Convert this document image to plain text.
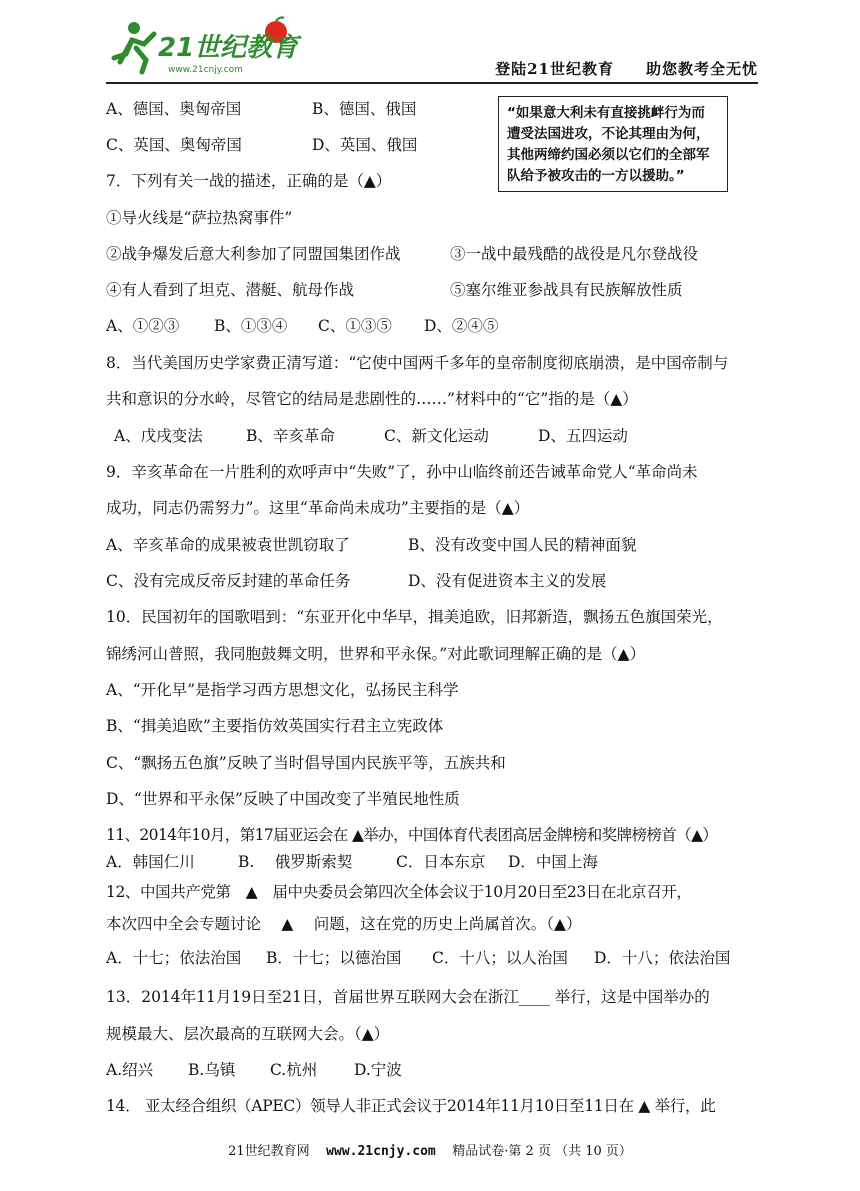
21世纪教育
www.21cnjy.com	登陆21世纪教育　　助您教考全无忧
“如果意大利未有直接挑衅行为而
遭受法国进攻，不论其理由为何，
其他两缔约国必须以它们的全部军
队给予被攻击的一方以援助。”
A、德国、奥匈帝国	B、德国、俄国
C、英国、奥匈帝国	D、英国、俄国
7．下列有关一战的描述，正确的是（▲）
①导火线是“萨拉热窝事件”
②战争爆发后意大利参加了同盟国集团作战	③一战中最残酷的战役是凡尔登战役
④有人看到了坦克、潜艇、航母作战	⑤塞尔维亚参战具有民族解放性质
A、①②③ B、①③④ C、①③⑤ D、②④⑤
8．当代美国历史学家费正清写道：“它使中国两千多年的皇帝制度彻底崩溃，是中国帝制与
共和意识的分水岭，尽管它的结局是悲剧性的……”材料中的“它”指的是（▲）
A、戊戌变法	B、辛亥革命	C、新文化运动	D、五四运动
9．辛亥革命在一片胜利的欢呼声中“失败”了，孙中山临终前还告诫革命党人“革命尚未
成功，同志仍需努力”。这里“革命尚未成功”主要指的是（▲）
A、辛亥革命的成果被袁世凯窃取了	B、没有改变中国人民的精神面貌
C、没有完成反帝反封建的革命任务	D、没有促进资本主义的发展
10．民国初年的国歌唱到：“东亚开化中华早，揖美追欧，旧邦新造，飘扬五色旗国荣光，
锦绣河山普照，我同胞鼓舞文明，世界和平永保。”对此歌词理解正确的是（▲）
A、“开化早”是指学习西方思想文化，弘扬民主科学
B、“揖美追欧”主要指仿效英国实行君主立宪政体
C、“飘扬五色旗”反映了当时倡导国内民族平等，五族共和
D、“世界和平永保”反映了中国改变了半殖民地性质
11、2014年10月，第17届亚运会在 ▲举办，中国体育代表团高居金牌榜和奖牌榜榜首（▲）
A．韩国仁川	B.　 俄罗斯索契	C．日本东京 D．中国上海
12、中国共产党第　▲　届中央委员会第四次全体会议于10月20日至23日在北京召开，
本次四中全会专题讨论　 ▲　 问题，这在党的历史上尚属首次。（▲）
A．十七；依法治国 B．十七；以德治国 C．十八；以人治国 D．十八；依法治国
13．2014年11月19日至21日，首届世界互联网大会在浙江____ 举行，这是中国举办的
规模最大、层次最高的互联网大会。（▲）
A.绍兴 B.乌镇 C.杭州 D.宁波
14． 亚太经合组织（APEC）领导人非正式会议于2014年11月10日至11日在 ▲ 举行，此
21世纪教育网 www.21cnjy.com 精品试卷·第 2 页 （共 10 页）
